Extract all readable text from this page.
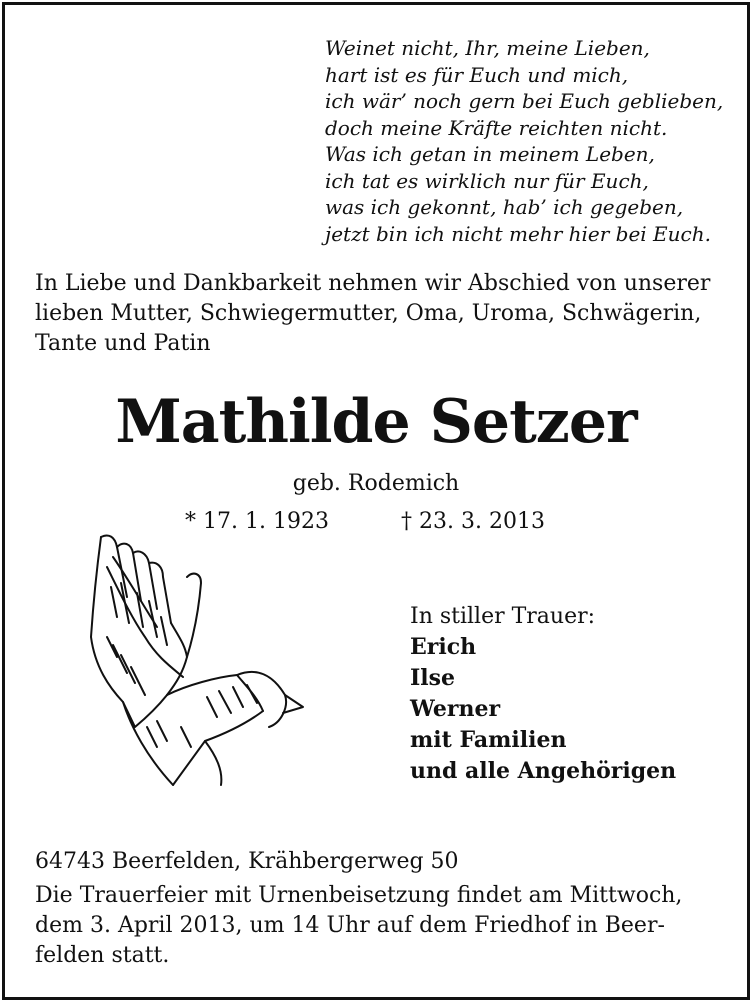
Weinet nicht, Ihr, meine Lieben,
hart ist es für Euch und mich,
ich wär’ noch gern bei Euch geblieben,
doch meine Kräfte reichten nicht.
Was ich getan in meinem Leben,
ich tat es wirklich nur für Euch,
was ich gekonnt, hab’ ich gegeben,
jetzt bin ich nicht mehr hier bei Euch.
In Liebe und Dankbarkeit nehmen wir Abschied von unserer
lieben Mutter, Schwiegermutter, Oma, Uroma, Schwägerin,
Tante und Patin
Mathilde Setzer
geb. Rodemich
* 17. 1. 1923	† 23. 3. 2013
In stiller Trauer:
Erich
Ilse
Werner
mit Familien
und alle Angehörigen
64743 Beerfelden, Krähbergerweg 50
Die Trauerfeier mit Urnenbeisetzung findet am Mittwoch,
dem 3. April 2013, um 14 Uhr auf dem Friedhof in Beer-
felden statt.
